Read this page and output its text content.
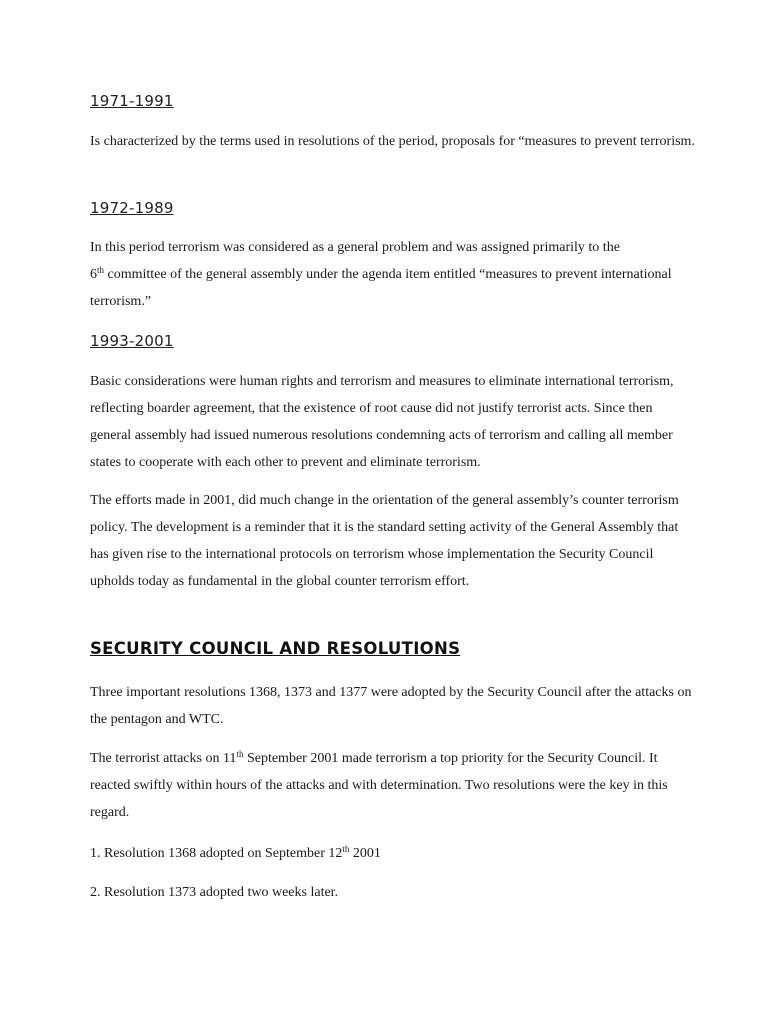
1971-1991

Is characterized by the terms used in resolutions of the period, proposals for “measures to prevent terrorism.

1972-1989

In this period terrorism was considered as a general problem and was assigned primarily to the
6th committee of the general assembly under the agenda item entitled “measures to prevent international terrorism.”

1993-2001

Basic considerations were human rights and terrorism and measures to eliminate international terrorism, reflecting boarder agreement, that the existence of root cause did not justify terrorist acts. Since then general assembly had issued numerous resolutions condemning acts of terrorism and calling all member states to cooperate with each other to prevent and eliminate terrorism.

The efforts made in 2001, did much change in the orientation of the general assembly’s counter terrorism policy. The development is a reminder that it is the standard setting activity of the General Assembly that has given rise to the international protocols on terrorism whose implementation the Security Council upholds today as fundamental in the global counter terrorism effort.

SECURITY COUNCIL AND RESOLUTIONS

Three important resolutions 1368, 1373 and 1377 were adopted by the Security Council after the attacks on the pentagon and WTC.

The terrorist attacks on 11th September 2001 made terrorism a top priority for the Security Council. It reacted swiftly within hours of the attacks and with determination. Two resolutions were the key in this regard.

1. Resolution 1368 adopted on September 12th 2001

2. Resolution 1373 adopted two weeks later.
